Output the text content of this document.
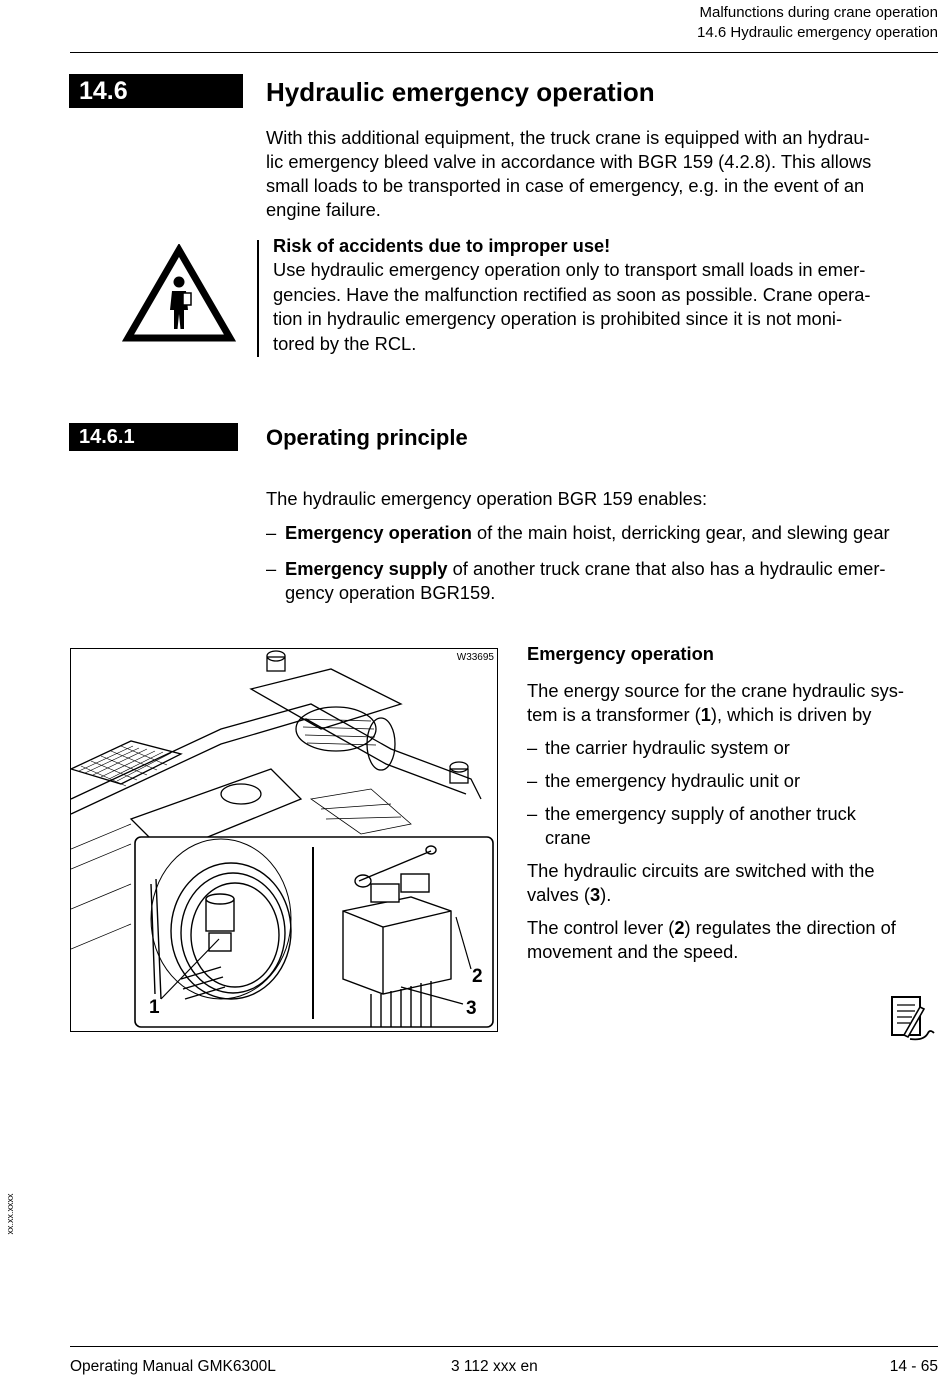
Malfunctions during crane operation
14.6 Hydraulic emergency operation
14.6	Hydraulic emergency operation
With this additional equipment, the truck crane is equipped with an hydrau-
lic emergency bleed valve in accordance with BGR 159 (4.2.8). This allows
small loads to be transported in case of emergency, e.g. in the event of an
engine failure.
Risk of accidents due to improper use!
Use hydraulic emergency operation only to transport small loads in emer-
gencies. Have the malfunction rectified as soon as possible. Crane opera-
tion in hydraulic emergency operation is prohibited since it is not moni-
tored by the RCL.
14.6.1	Operating principle
The hydraulic emergency operation BGR 159 enables:
– Emergency operation of the main hoist, derricking gear, and slewing gear
– Emergency supply of another truck crane that also has a hydraulic emer-
gency operation BGR159.
W33695
1
2
3
Emergency operation
The energy source for the crane hydraulic sys-
tem is a transformer (1), which is driven by
– the carrier hydraulic system or
– the emergency hydraulic unit or
– the emergency supply of another truck
crane
The hydraulic circuits are switched with the
valves (3).
The control lever (2) regulates the direction of
movement and the speed.
xx.xx.xxxx
Operating Manual GMK6300L	3 112 xxx en	14 - 65
